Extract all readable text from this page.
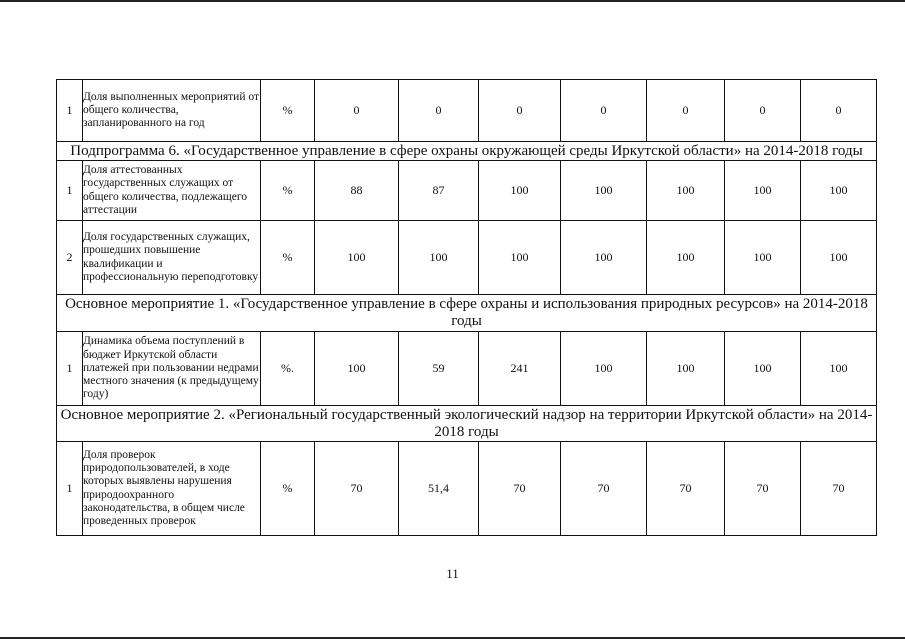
1	Доля выполненных мероприятий от общего количества, запланированного на год	%	0	0	0	0	0	0	0
Подпрограмма 6. «Государственное управление в сфере охраны окружающей среды Иркутской области» на 2014-2018 годы									
1	Доля аттестованных государственных служащих от общего количества, подлежащего аттестации	%	88	87	100	100	100	100	100
2	Доля государственных служащих, прошедших повышение квалификации и профессиональную переподготовку	%	100	100	100	100	100	100	100
Основное мероприятие 1. «Государственное управление в сфере охраны и использования природных ресурсов» на 2014-2018 годы									
1	Динамика объема поступлений в бюджет Иркутской области платежей при пользовании недрами местного значения (к предыдущему году)	%.	100	59	241	100	100	100	100
Основное мероприятие 2. «Региональный государственный экологический надзор на территории Иркутской области» на 2014-2018 годы									
1	Доля проверок природопользователей, в ходе которых выявлены нарушения природоохранного законодательства, в общем числе проведенных проверок	%	70	51,4	70	70	70	70	70
11
